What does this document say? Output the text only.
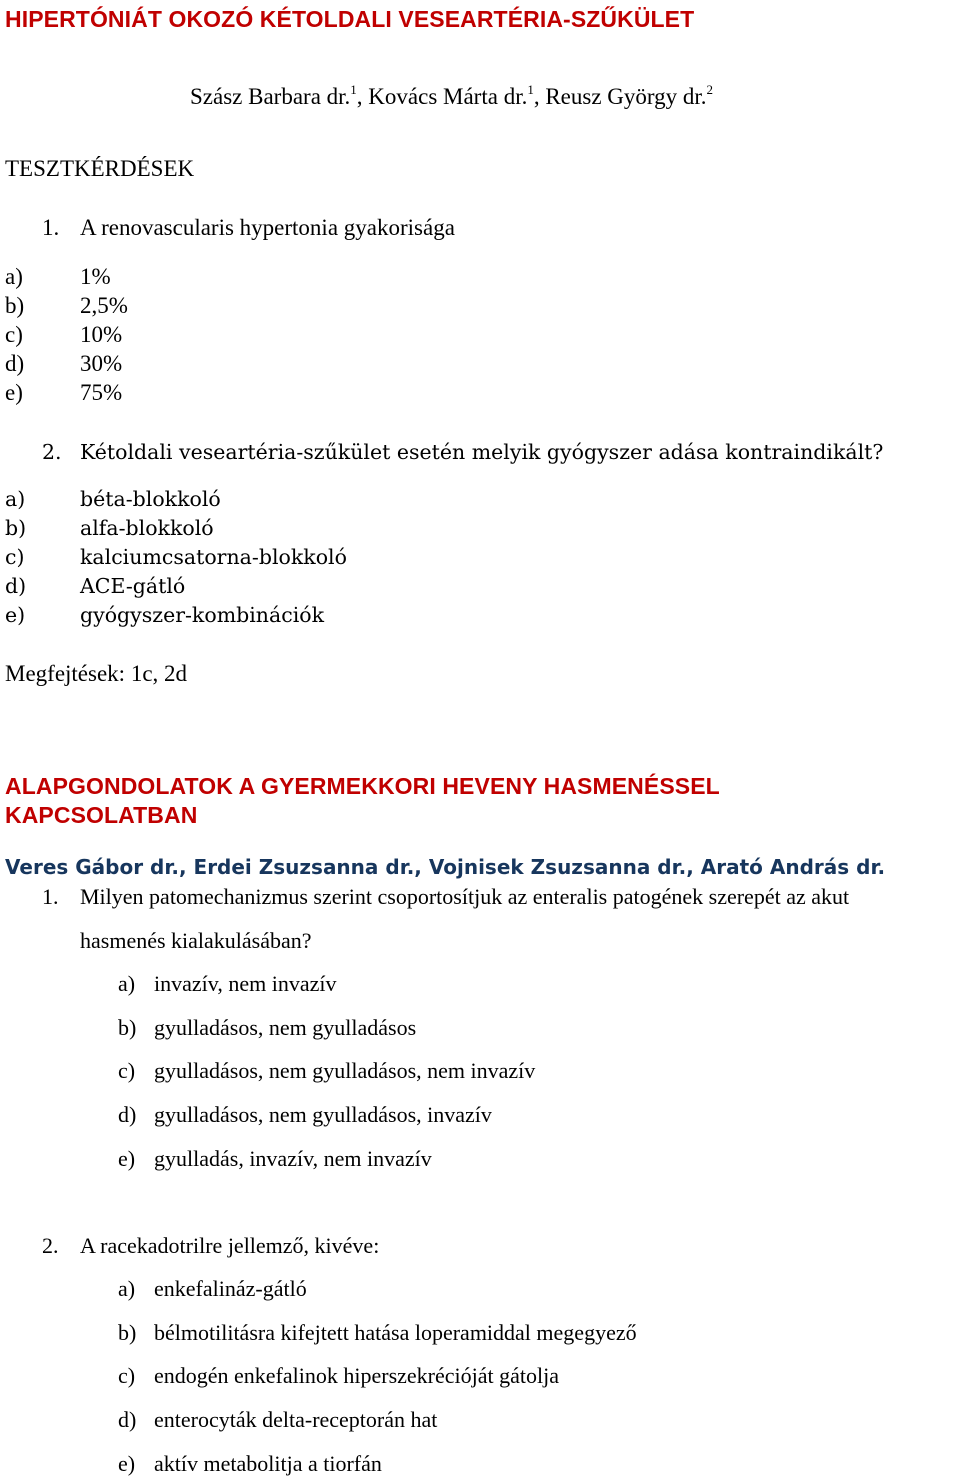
HIPERTÓNIÁT OKOZÓ KÉTOLDALI VESEARTÉRIA-SZŰKÜLET
Szász Barbara dr.$^1$, Kovács Márta dr.$^1$, Reusz György dr.$^2$
TESZTKÉRDÉSEK
1. A renovascularis hypertonia gyakorisága
a) 1%
b) 2,5%
c) 10%
d) 30%
e) 75%
2. Kétoldali veseartéria-szűkület esetén melyik gyógyszer adása kontraindikált?
a)	béta-blokkoló
b)	alfa-blokkoló
c)	kalciumcsatorna-blokkoló
d)	ACE-gátló
e)	gyógyszer-kombinációk
Megfejtések: 1c, 2d
ALAPGONDOLATOK A GYERMEKKORI HEVENY HASMENÉSSEL
KAPCSOLATBAN
Veres Gábor dr., Erdei Zsuzsanna dr., Vojnisek Zsuzsanna dr., Arató András dr.
1. Milyen patomechanizmus szerint csoportosítjuk az enteralis patogének szerepét az akut
hasmenés kialakulásában?
a) invazív, nem invazív
b) gyulladásos, nem gyulladásos
c) gyulladásos, nem gyulladásos, nem invazív
d) gyulladásos, nem gyulladásos, invazív
e) gyulladás, invazív, nem invazív
2. A racekadotrilre jellemző, kivéve:
a) enkefalináz-gátló
b) bélmotilitásra kifejtett hatása loperamiddal megegyező
c) endogén enkefalinok hiperszekrécióját gátolja
d) enterocyták delta-receptorán hat
e) aktív metabolitja a tiorfán
